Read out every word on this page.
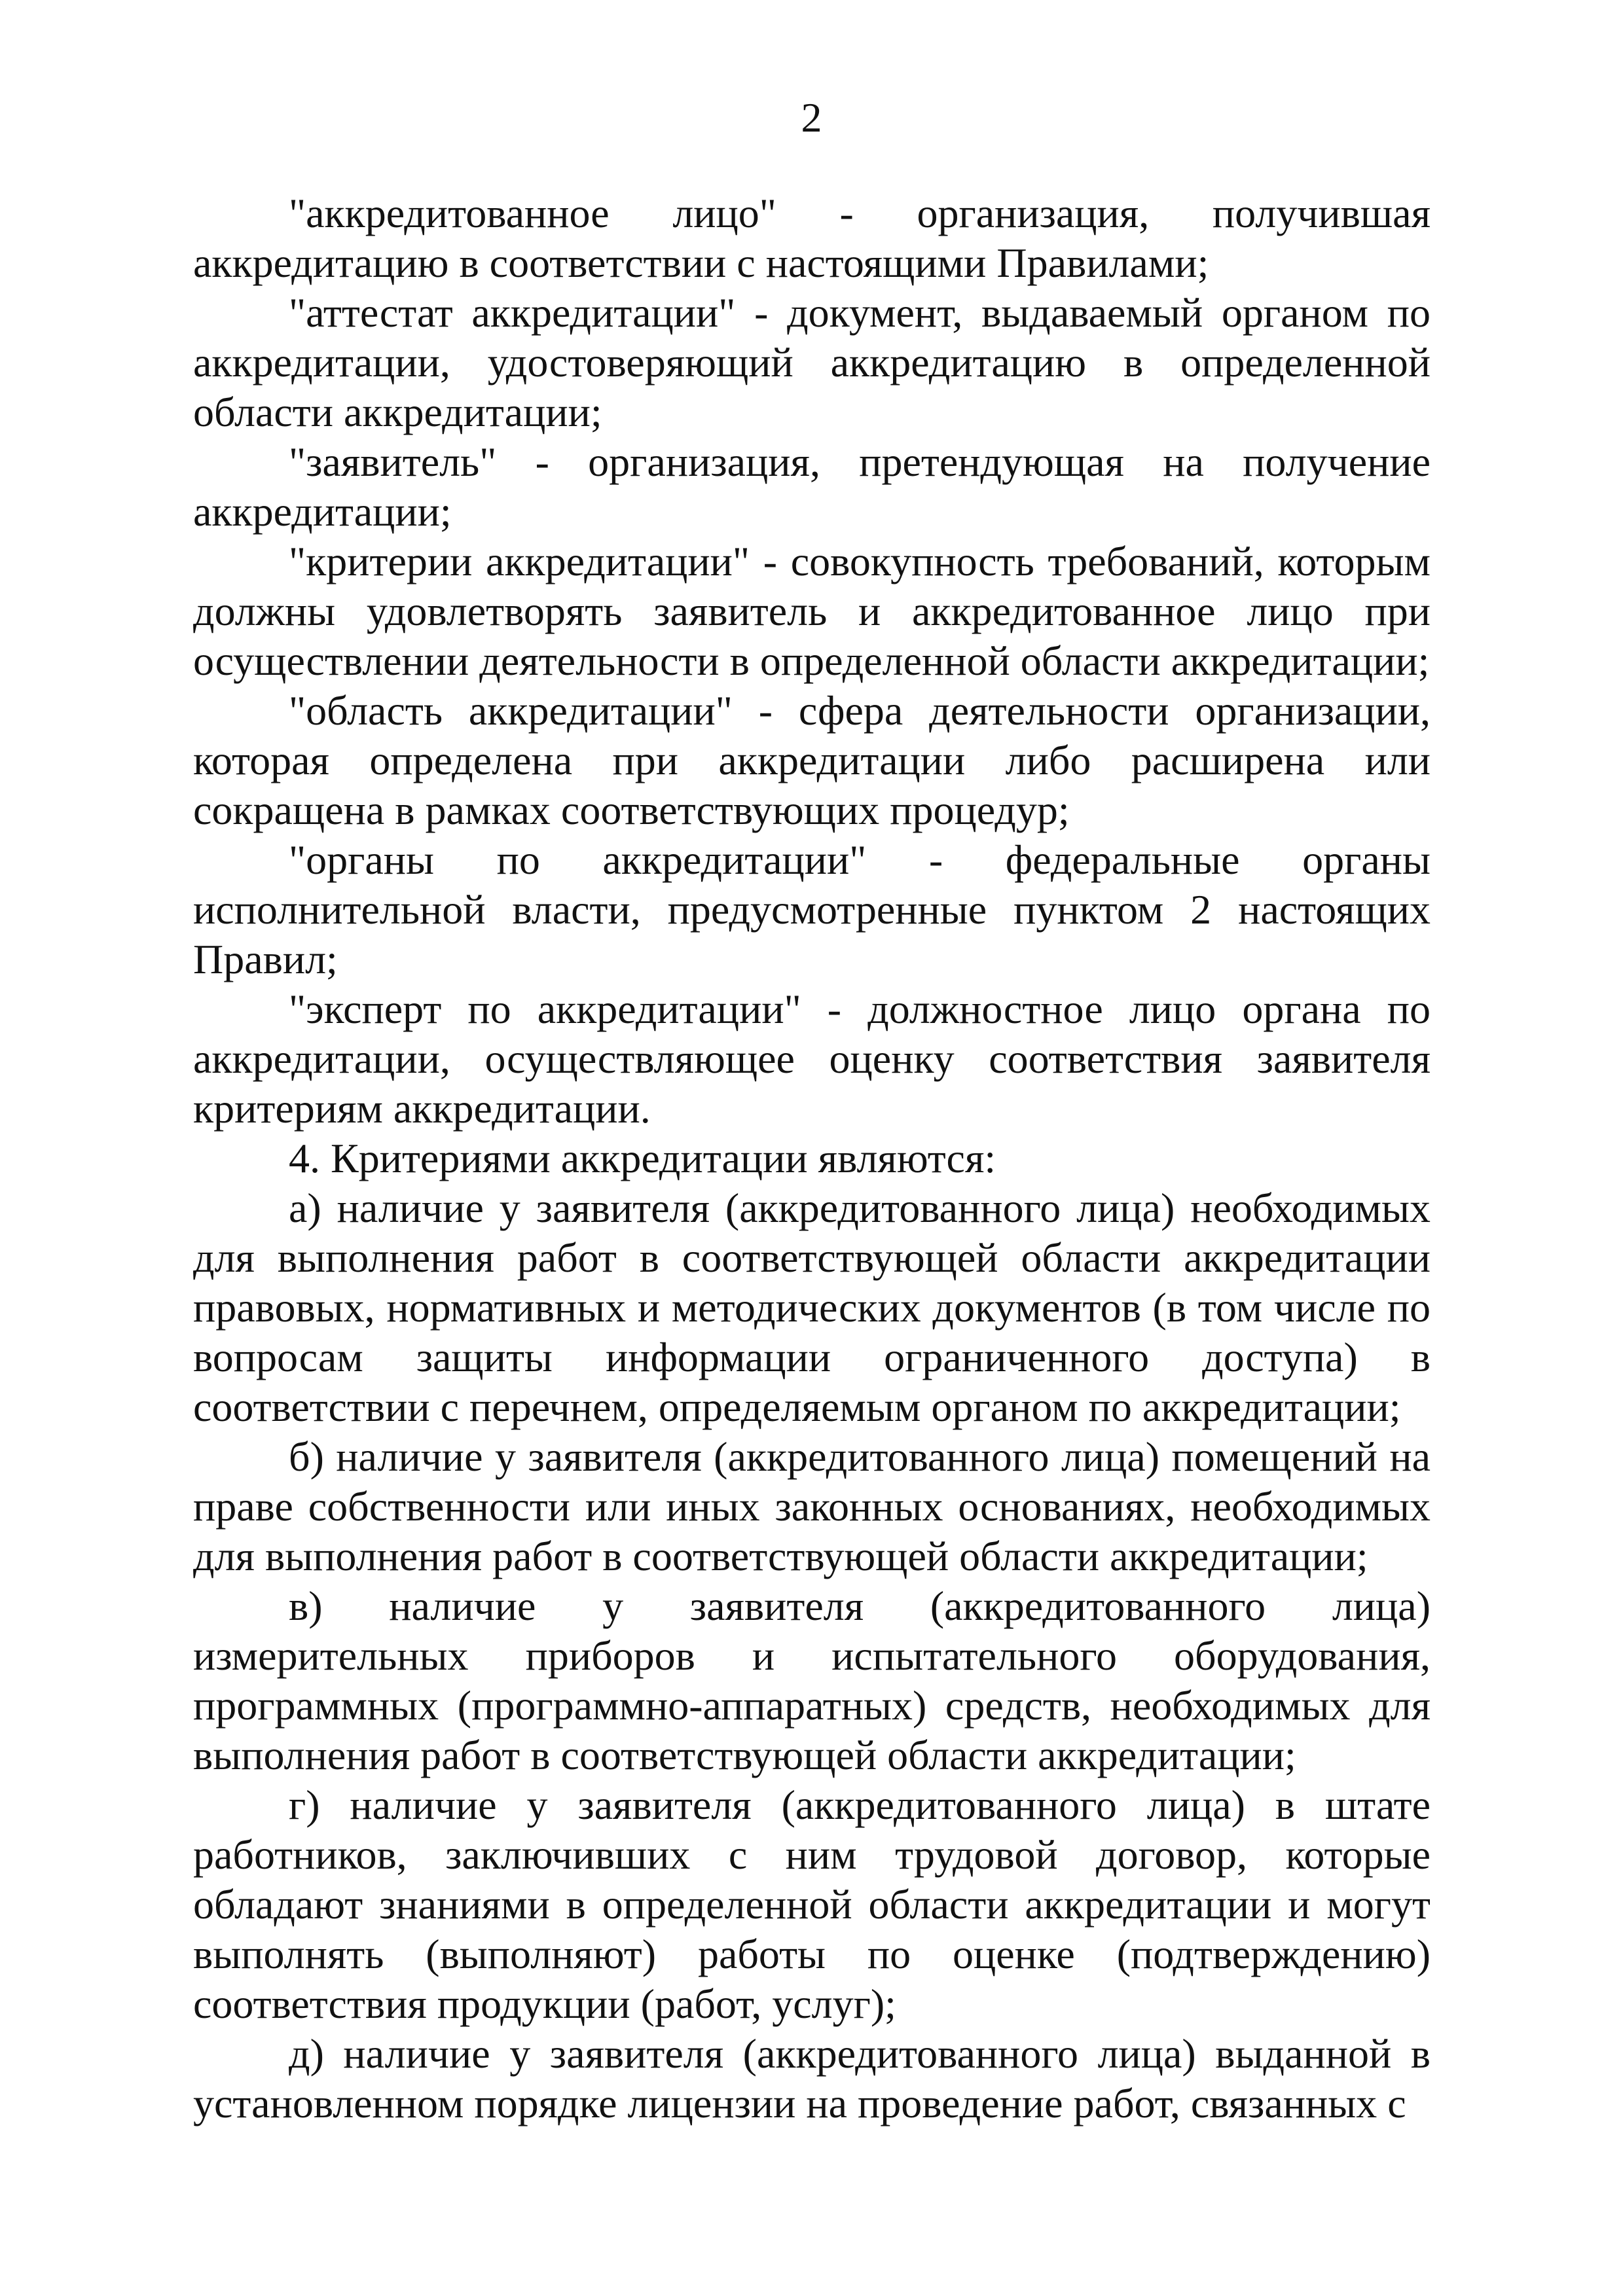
2

"аккредитованное лицо" - организация, получившая аккредитацию в соответствии с настоящими Правилами;

"аттестат аккредитации" - документ, выдаваемый органом по аккредитации, удостоверяющий аккредитацию в определенной области аккредитации;

"заявитель" - организация, претендующая на получение аккредитации;

"критерии аккредитации" - совокупность требований, которым должны удовлетворять заявитель и аккредитованное лицо при осуществлении деятельности в определенной области аккредитации;

"область аккредитации" - сфера деятельности организации, которая определена при аккредитации либо расширена или сокращена в рамках соответствующих процедур;

"органы по аккредитации" - федеральные органы исполнительной власти, предусмотренные пунктом 2 настоящих Правил;

"эксперт по аккредитации" - должностное лицо органа по аккредитации, осуществляющее оценку соответствия заявителя критериям аккредитации.

4. Критериями аккредитации являются:

а) наличие у заявителя (аккредитованного лица) необходимых для выполнения работ в соответствующей области аккредитации правовых, нормативных и методических документов (в том числе по вопросам защиты информации ограниченного доступа) в соответствии с перечнем, определяемым органом по аккредитации;

б) наличие у заявителя (аккредитованного лица) помещений на праве собственности или иных законных основаниях, необходимых для выполнения работ в соответствующей области аккредитации;

в) наличие у заявителя (аккредитованного лица) измерительных приборов и испытательного оборудования, программных (программно-аппаратных) средств, необходимых для выполнения работ в соответствующей области аккредитации;

г) наличие у заявителя (аккредитованного лица) в штате работников, заключивших с ним трудовой договор, которые обладают знаниями в определенной области аккредитации и могут выполнять (выполняют) работы по оценке (подтверждению) соответствия продукции (работ, услуг);

д) наличие у заявителя (аккредитованного лица) выданной в установленном порядке лицензии на проведение работ, связанных с
